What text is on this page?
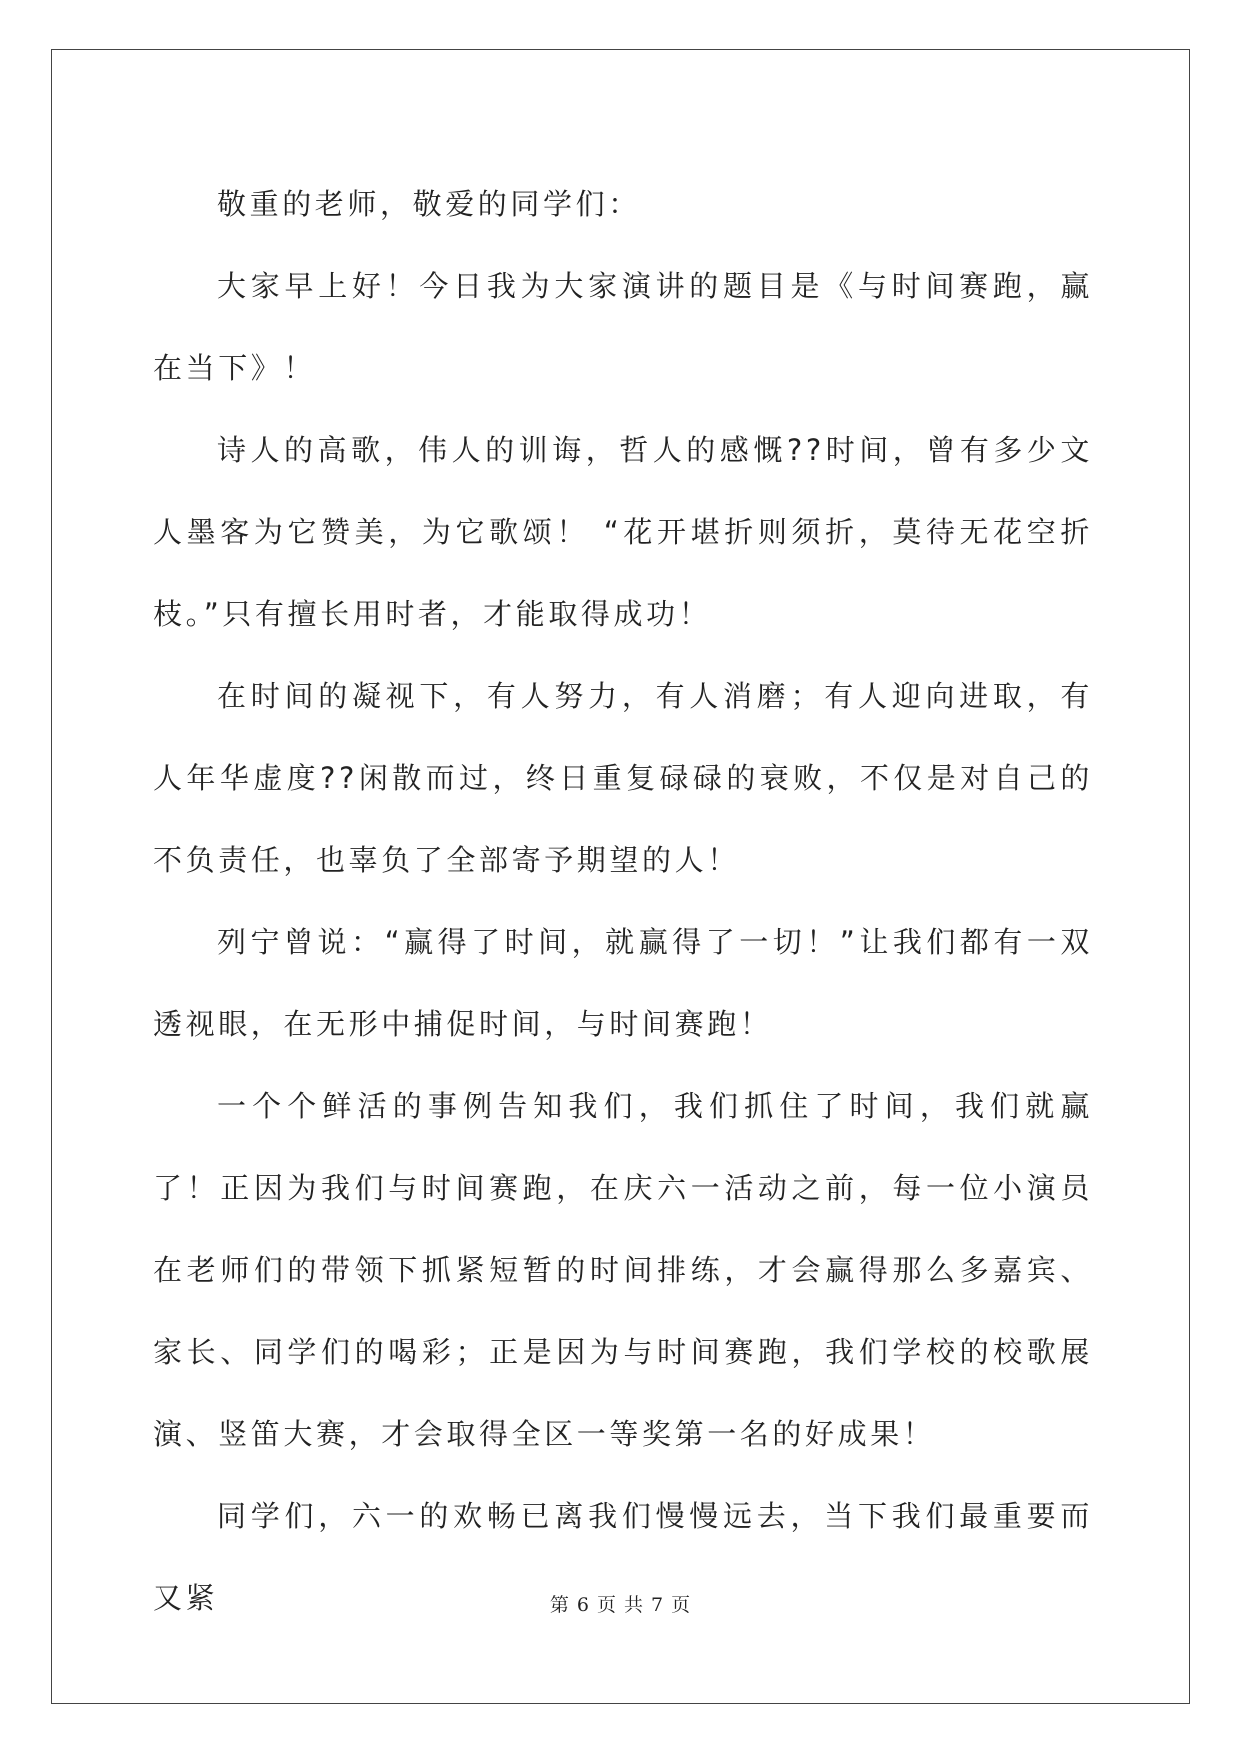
敬重的老师，敬爱的同学们：

大家早上好！今日我为大家演讲的题目是《与时间赛跑，赢在当下》！

诗人的高歌，伟人的训诲，哲人的感慨??时间，曾有多少文人墨客为它赞美，为它歌颂！ “花开堪折则须折，莫待无花空折枝。”只有擅长用时者，才能取得成功！

在时间的凝视下，有人努力，有人消磨；有人迎向进取，有人年华虚度??闲散而过，终日重复碌碌的衰败，不仅是对自己的不负责任，也辜负了全部寄予期望的人！

列宁曾说：“赢得了时间，就赢得了一切！”让我们都有一双透视眼，在无形中捕促时间，与时间赛跑！

一个个鲜活的事例告知我们，我们抓住了时间，我们就赢了！正因为我们与时间赛跑，在庆六一活动之前，每一位小演员在老师们的带领下抓紧短暂的时间排练，才会赢得那么多嘉宾、家长、同学们的喝彩；正是因为与时间赛跑，我们学校的校歌展演、竖笛大赛，才会取得全区一等奖第一名的好成果！

同学们，六一的欢畅已离我们慢慢远去，当下我们最重要而又紧	第 6 页 共 7 页
